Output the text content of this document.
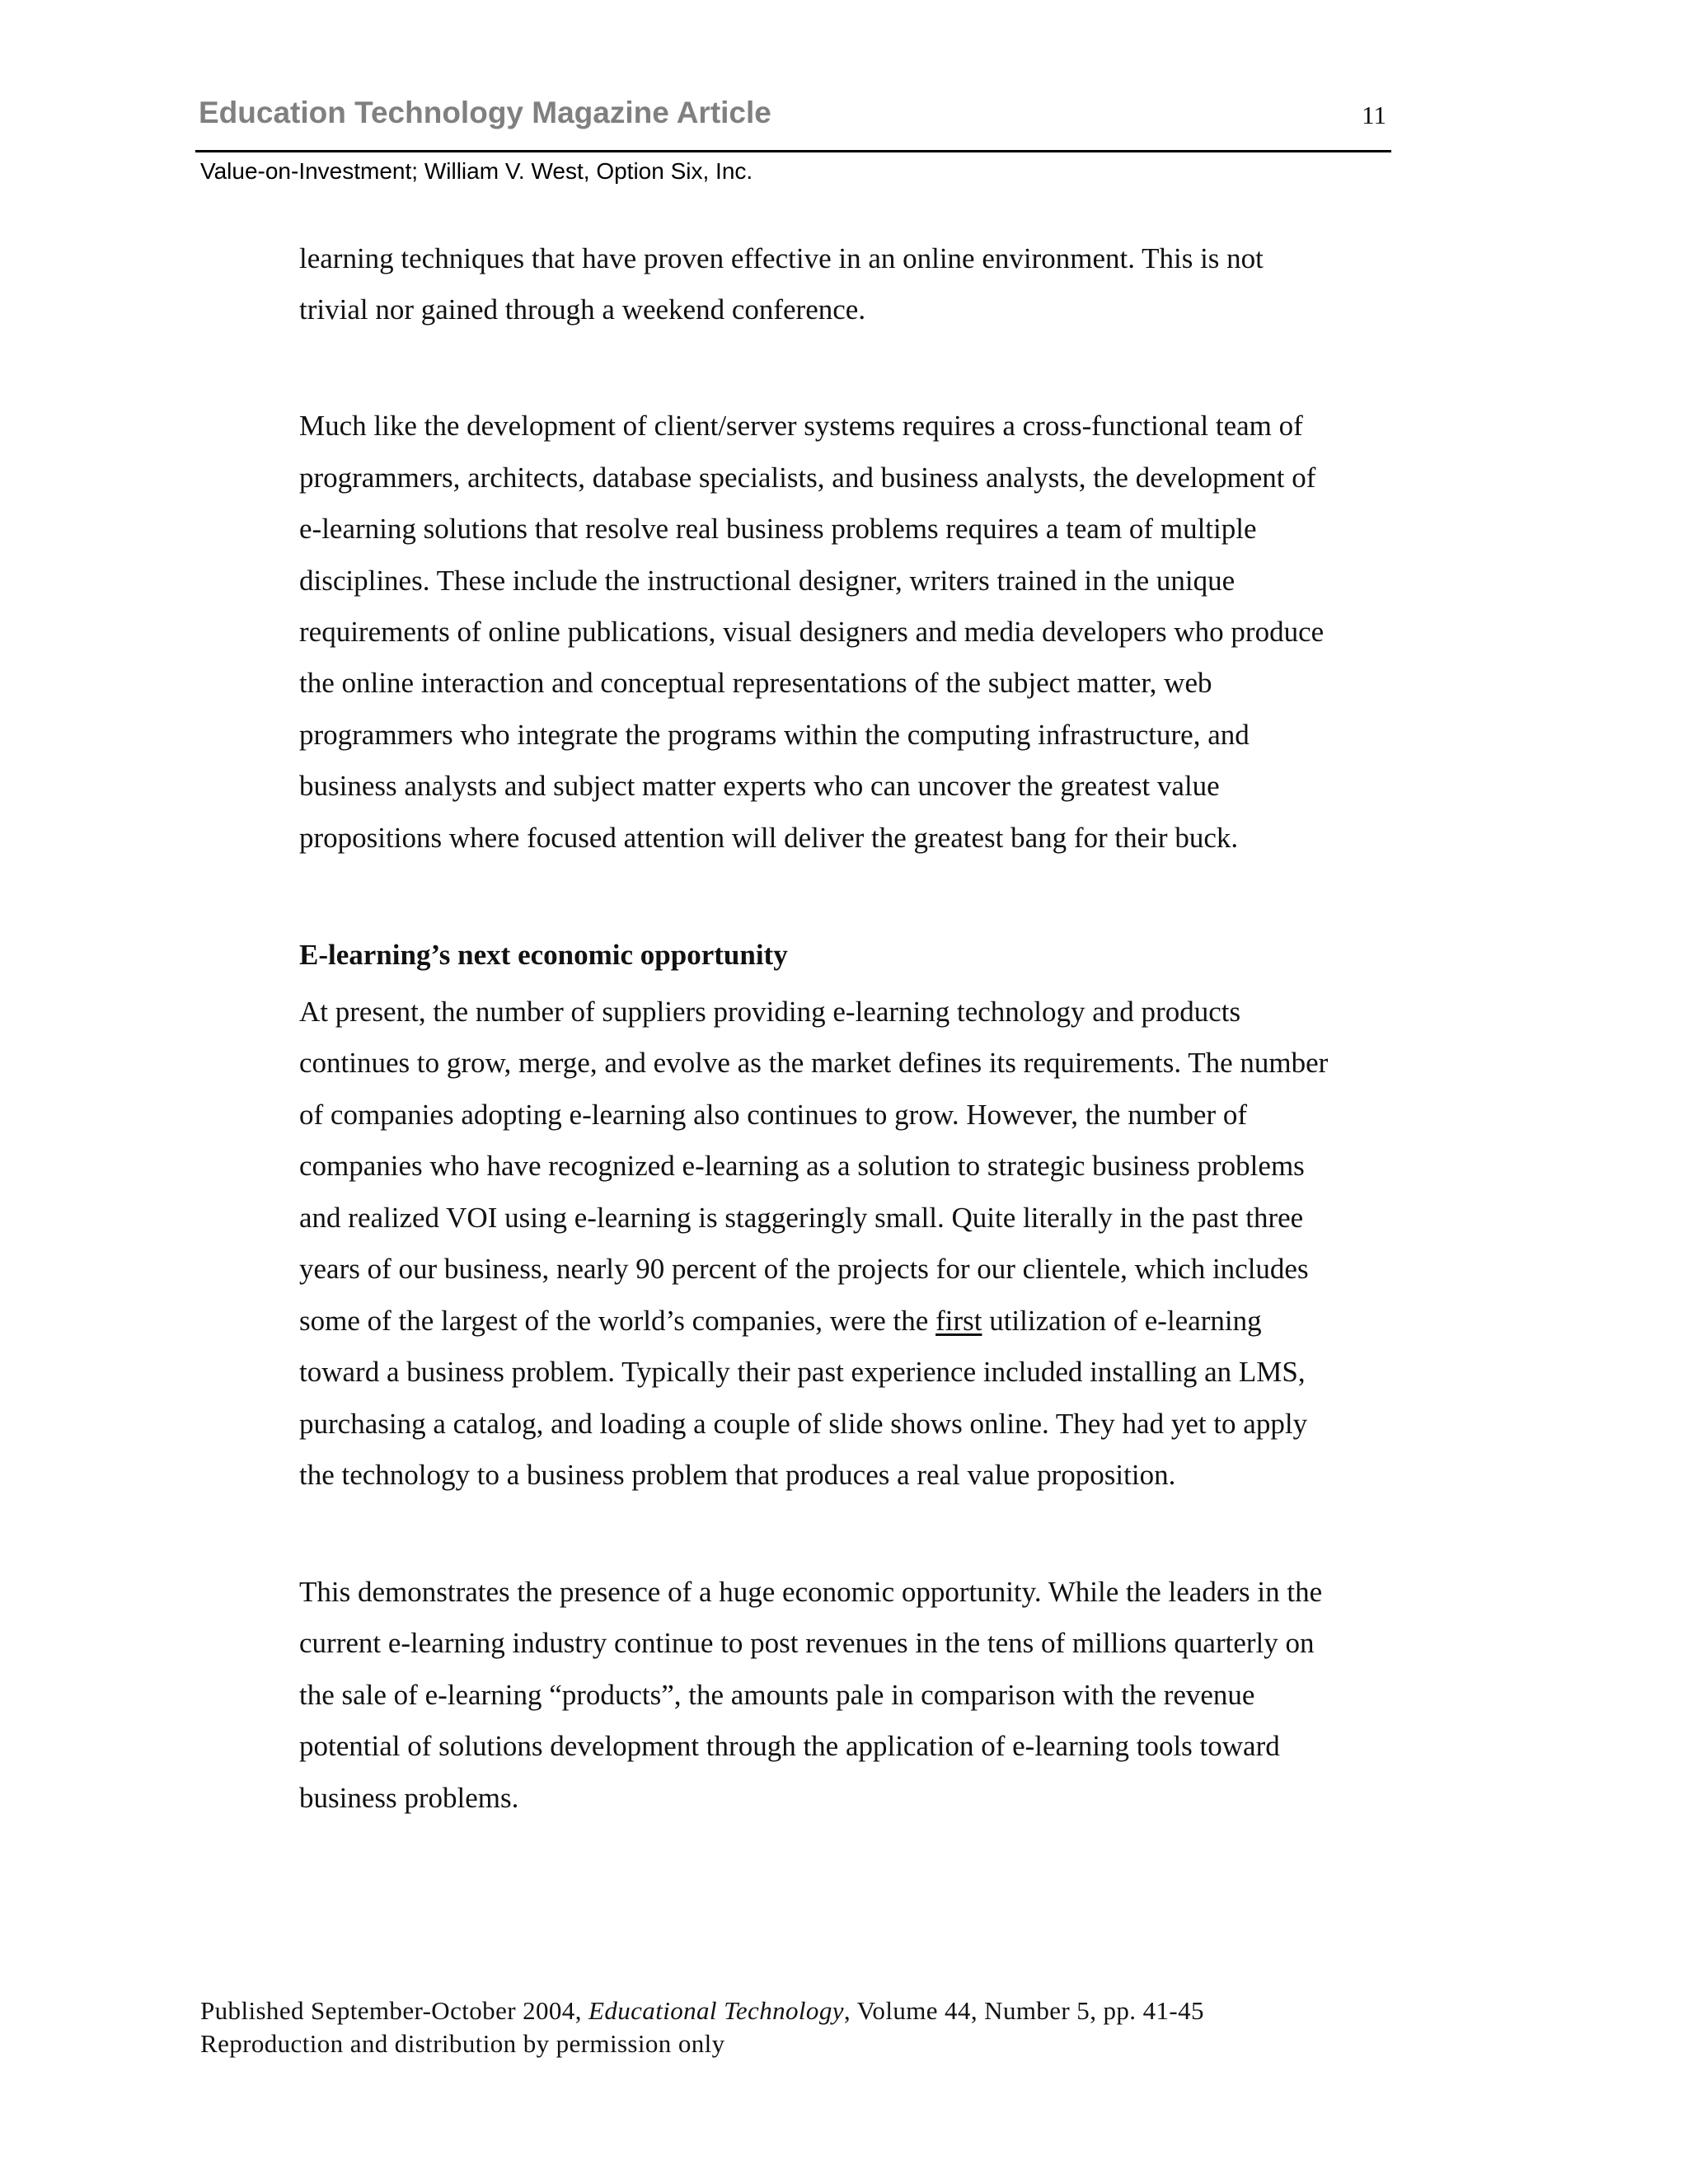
Education Technology Magazine Article	11
Value-on-Investment; William V. West, Option Six, Inc.
learning techniques that have proven effective in an online environment. This is not
trivial nor gained through a weekend conference.
Much like the development of client/server systems requires a cross-functional team of
programmers, architects, database specialists, and business analysts, the development of
e-learning solutions that resolve real business problems requires a team of multiple
disciplines. These include the instructional designer, writers trained in the unique
requirements of online publications, visual designers and media developers who produce
the online interaction and conceptual representations of the subject matter, web
programmers who integrate the programs within the computing infrastructure, and
business analysts and subject matter experts who can uncover the greatest value
propositions where focused attention will deliver the greatest bang for their buck.
E-learning’s next economic opportunity
At present, the number of suppliers providing e-learning technology and products
continues to grow, merge, and evolve as the market defines its requirements. The number
of companies adopting e-learning also continues to grow. However, the number of
companies who have recognized e-learning as a solution to strategic business problems
and realized VOI using e-learning is staggeringly small. Quite literally in the past three
years of our business, nearly 90 percent of the projects for our clientele, which includes
some of the largest of the world’s companies, were the first utilization of e-learning
toward a business problem. Typically their past experience included installing an LMS,
purchasing a catalog, and loading a couple of slide shows online. They had yet to apply
the technology to a business problem that produces a real value proposition.
This demonstrates the presence of a huge economic opportunity. While the leaders in the
current e-learning industry continue to post revenues in the tens of millions quarterly on
the sale of e-learning “products”, the amounts pale in comparison with the revenue
potential of solutions development through the application of e-learning tools toward
business problems.
Published September-October 2004, Educational Technology, Volume 44, Number 5, pp. 41-45
Reproduction and distribution by permission only
